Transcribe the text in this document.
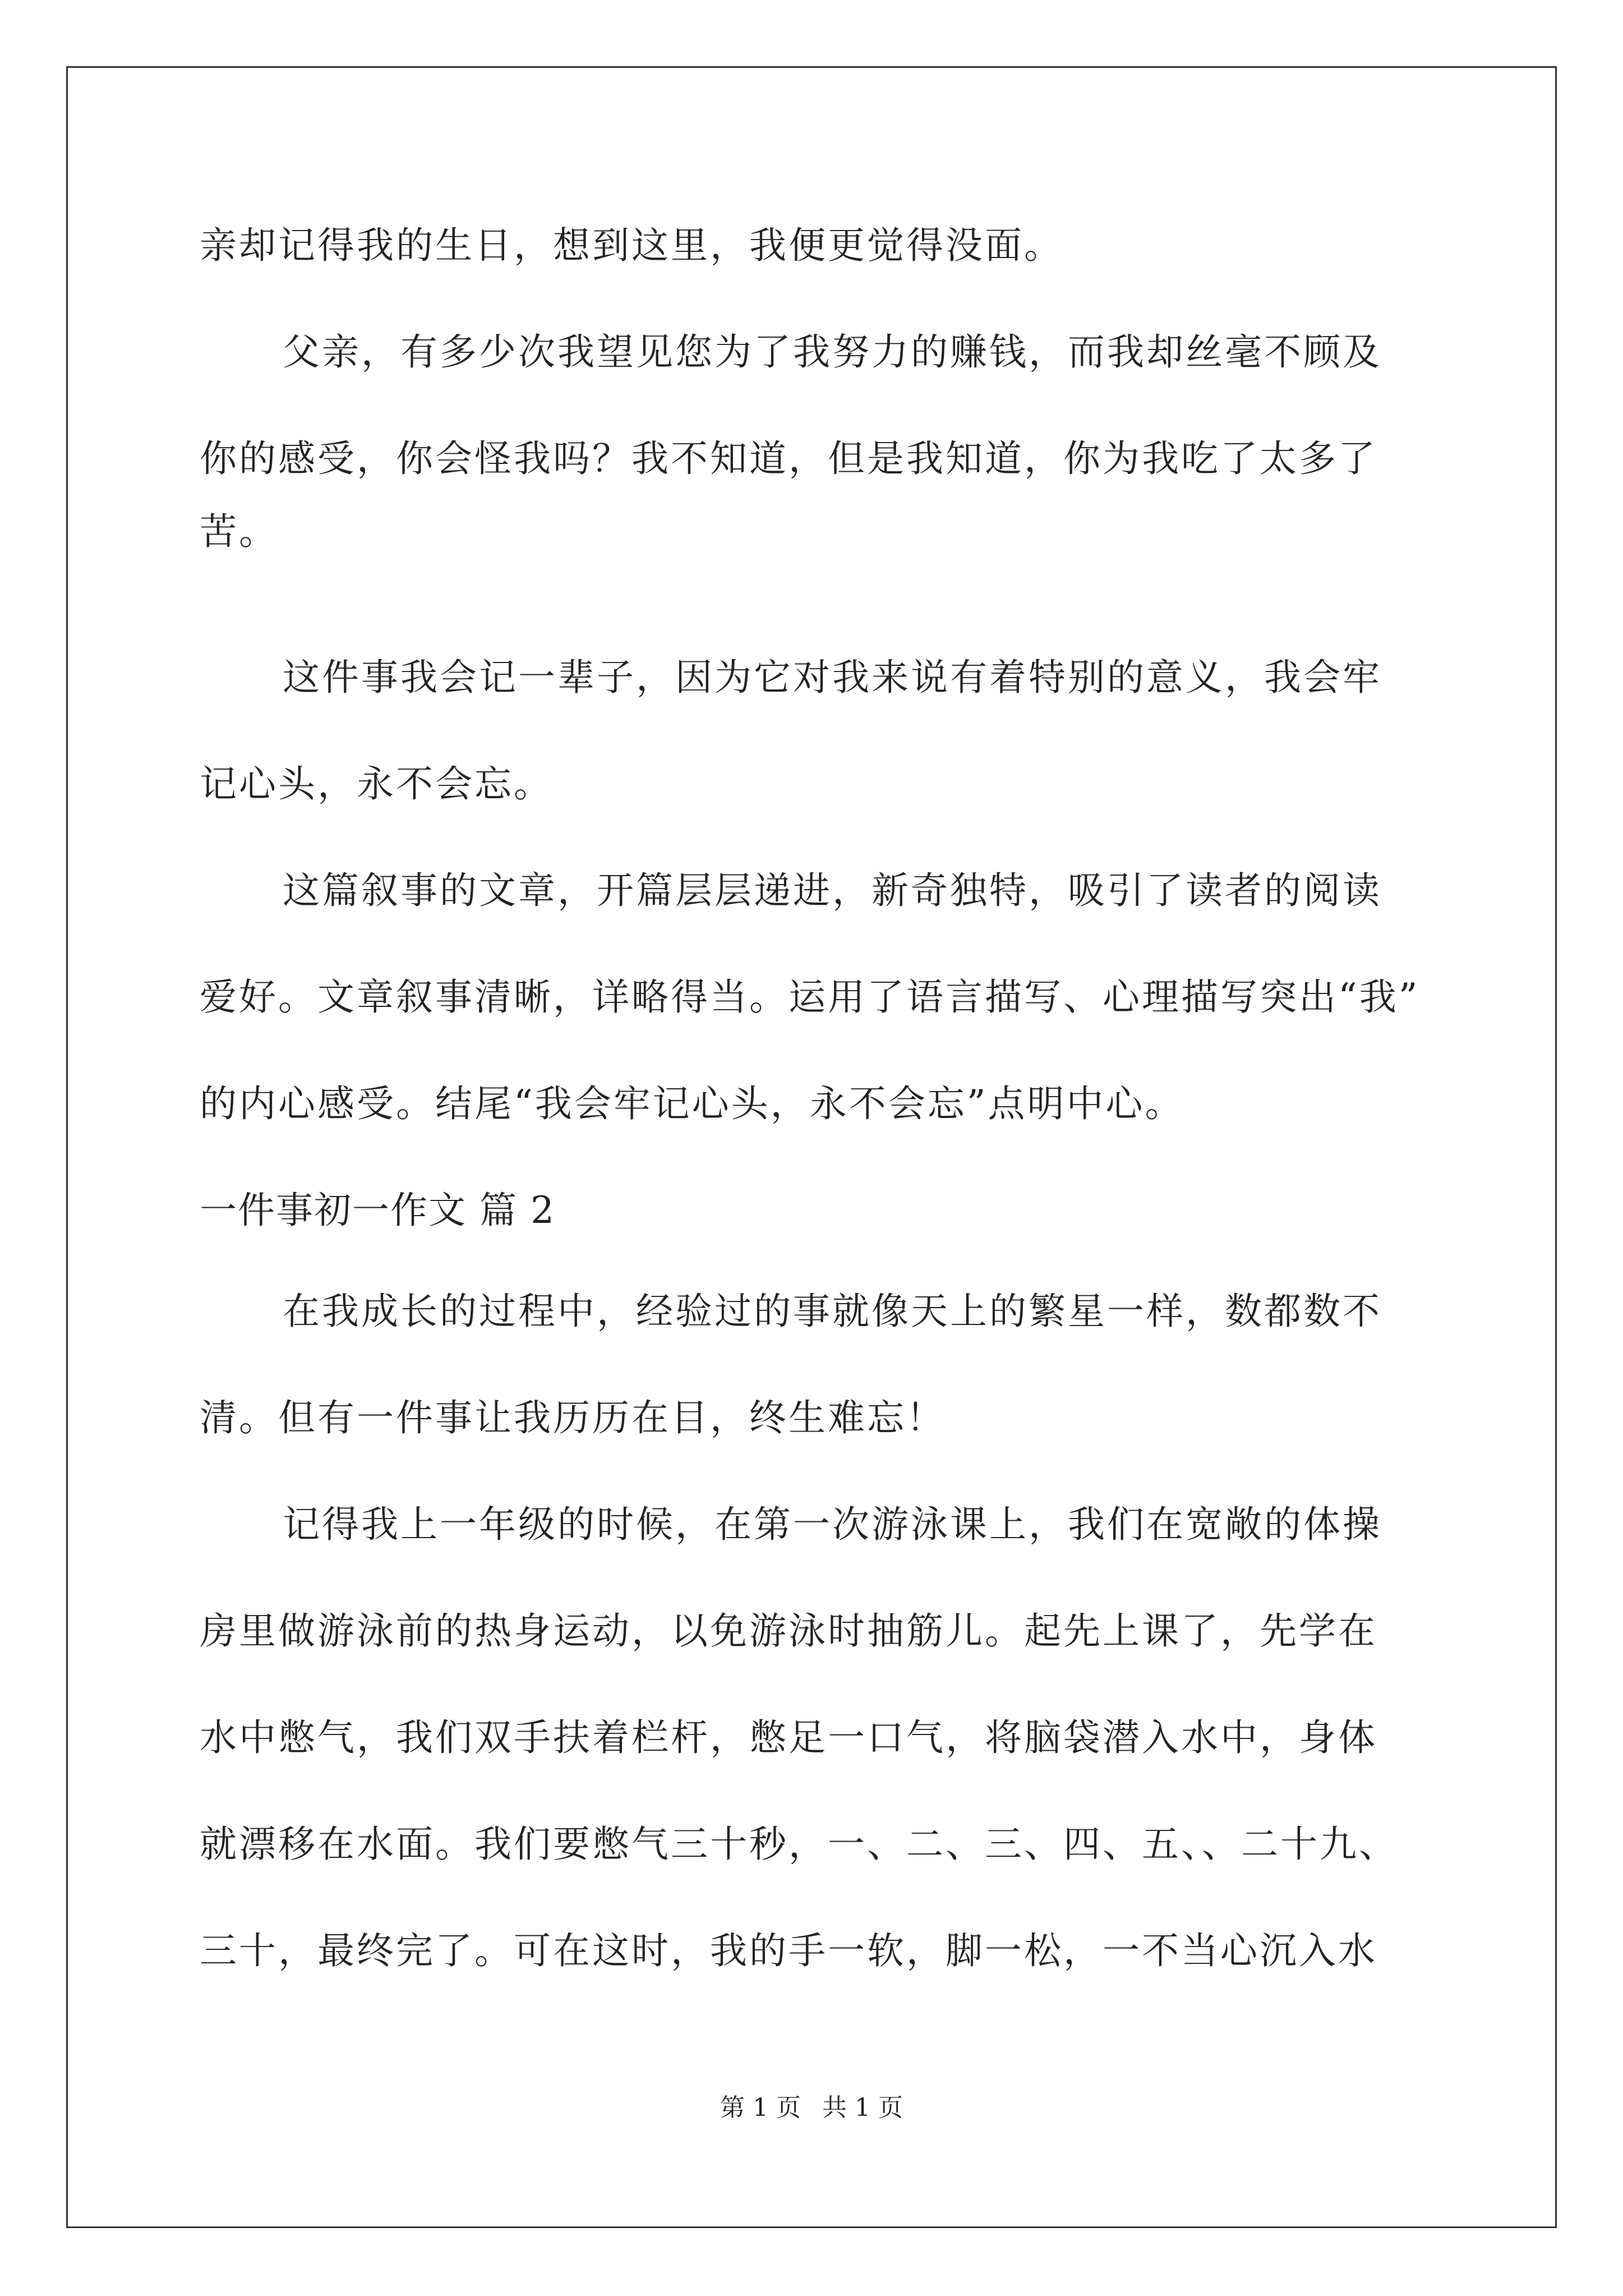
亲却记得我的生日，想到这里，我便更觉得没面。
父亲，有多少次我望见您为了我努力的赚钱，而我却丝毫不顾及
你的感受，你会怪我吗？我不知道，但是我知道，你为我吃了太多了
苦。
这件事我会记一辈子，因为它对我来说有着特别的意义，我会牢
记心头，永不会忘。
这篇叙事的文章，开篇层层递进，新奇独特，吸引了读者的阅读
爱好。文章叙事清晰，详略得当。运用了语言描写、心理描写突出“我”
的内心感受。结尾“我会牢记心头，永不会忘”点明中心。
一件事初一作文 篇 2
在我成长的过程中，经验过的事就像天上的繁星一样，数都数不
清。但有一件事让我历历在目，终生难忘！
记得我上一年级的时候，在第一次游泳课上，我们在宽敞的体操
房里做游泳前的热身运动，以免游泳时抽筋儿。起先上课了，先学在
水中憋气，我们双手扶着栏杆，憋足一口气，将脑袋潜入水中，身体
就漂移在水面。我们要憋气三十秒，一、二、三、四、五、、二十九、
三十，最终完了。可在这时，我的手一软，脚一松，一不当心沉入水
第 1 页 共 1 页
